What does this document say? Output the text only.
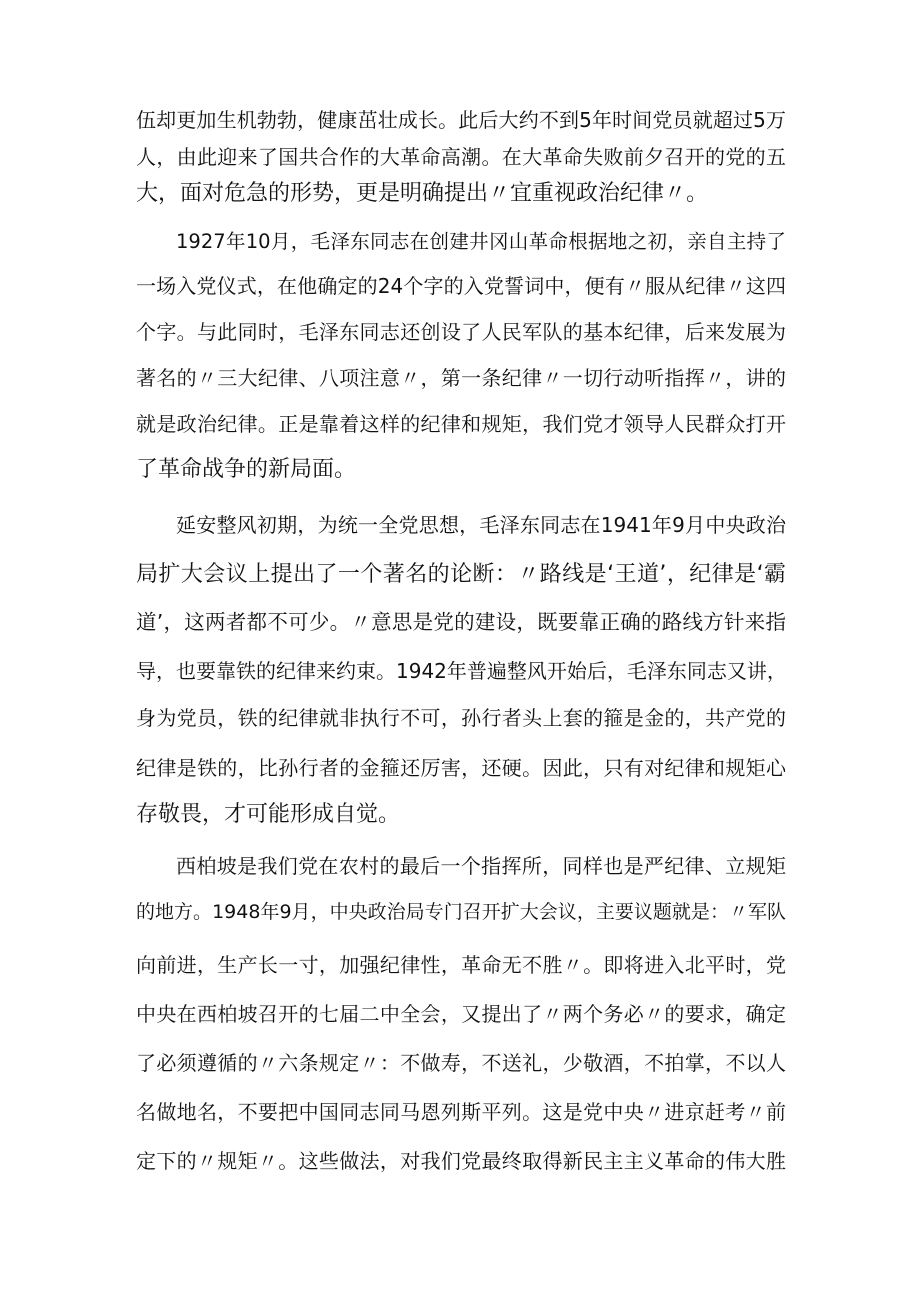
伍却更加生机勃勃，健康茁壮成长。此后大约不到5年时间党员就超过5万
人，由此迎来了国共合作的大革命高潮。在大革命失败前夕召开的党的五
大，面对危急的形势，更是明确提出〃宜重视政治纪律〃。
1927年10月，毛泽东同志在创建井冈山革命根据地之初，亲自主持了
一场入党仪式，在他确定的24个字的入党誓词中，便有〃服从纪律〃这四
个字。与此同时，毛泽东同志还创设了人民军队的基本纪律，后来发展为
著名的〃三大纪律、八项注意〃，第一条纪律〃一切行动听指挥〃，讲的
就是政治纪律。正是靠着这样的纪律和规矩，我们党才领导人民群众打开
了革命战争的新局面。
延安整风初期，为统一全党思想，毛泽东同志在1941年9月中央政治
局扩大会议上提出了一个著名的论断：〃路线是‘王道’，纪律是‘霸
道’，这两者都不可少。〃意思是党的建设，既要靠正确的路线方针来指
导，也要靠铁的纪律来约束。1942年普遍整风开始后，毛泽东同志又讲，
身为党员，铁的纪律就非执行不可，孙行者头上套的箍是金的，共产党的
纪律是铁的，比孙行者的金箍还厉害，还硬。因此，只有对纪律和规矩心
存敬畏，才可能形成自觉。
西柏坡是我们党在农村的最后一个指挥所，同样也是严纪律、立规矩
的地方。1948年9月，中央政治局专门召开扩大会议，主要议题就是：〃军队
向前进，生产长一寸，加强纪律性，革命无不胜〃。即将进入北平时，党
中央在西柏坡召开的七届二中全会，又提出了〃两个务必〃的要求，确定
了必须遵循的〃六条规定〃：不做寿，不送礼，少敬酒，不拍掌，不以人
名做地名，不要把中国同志同马恩列斯平列。这是党中央〃进京赶考〃前
定下的〃规矩〃。这些做法，对我们党最终取得新民主主义革命的伟大胜
